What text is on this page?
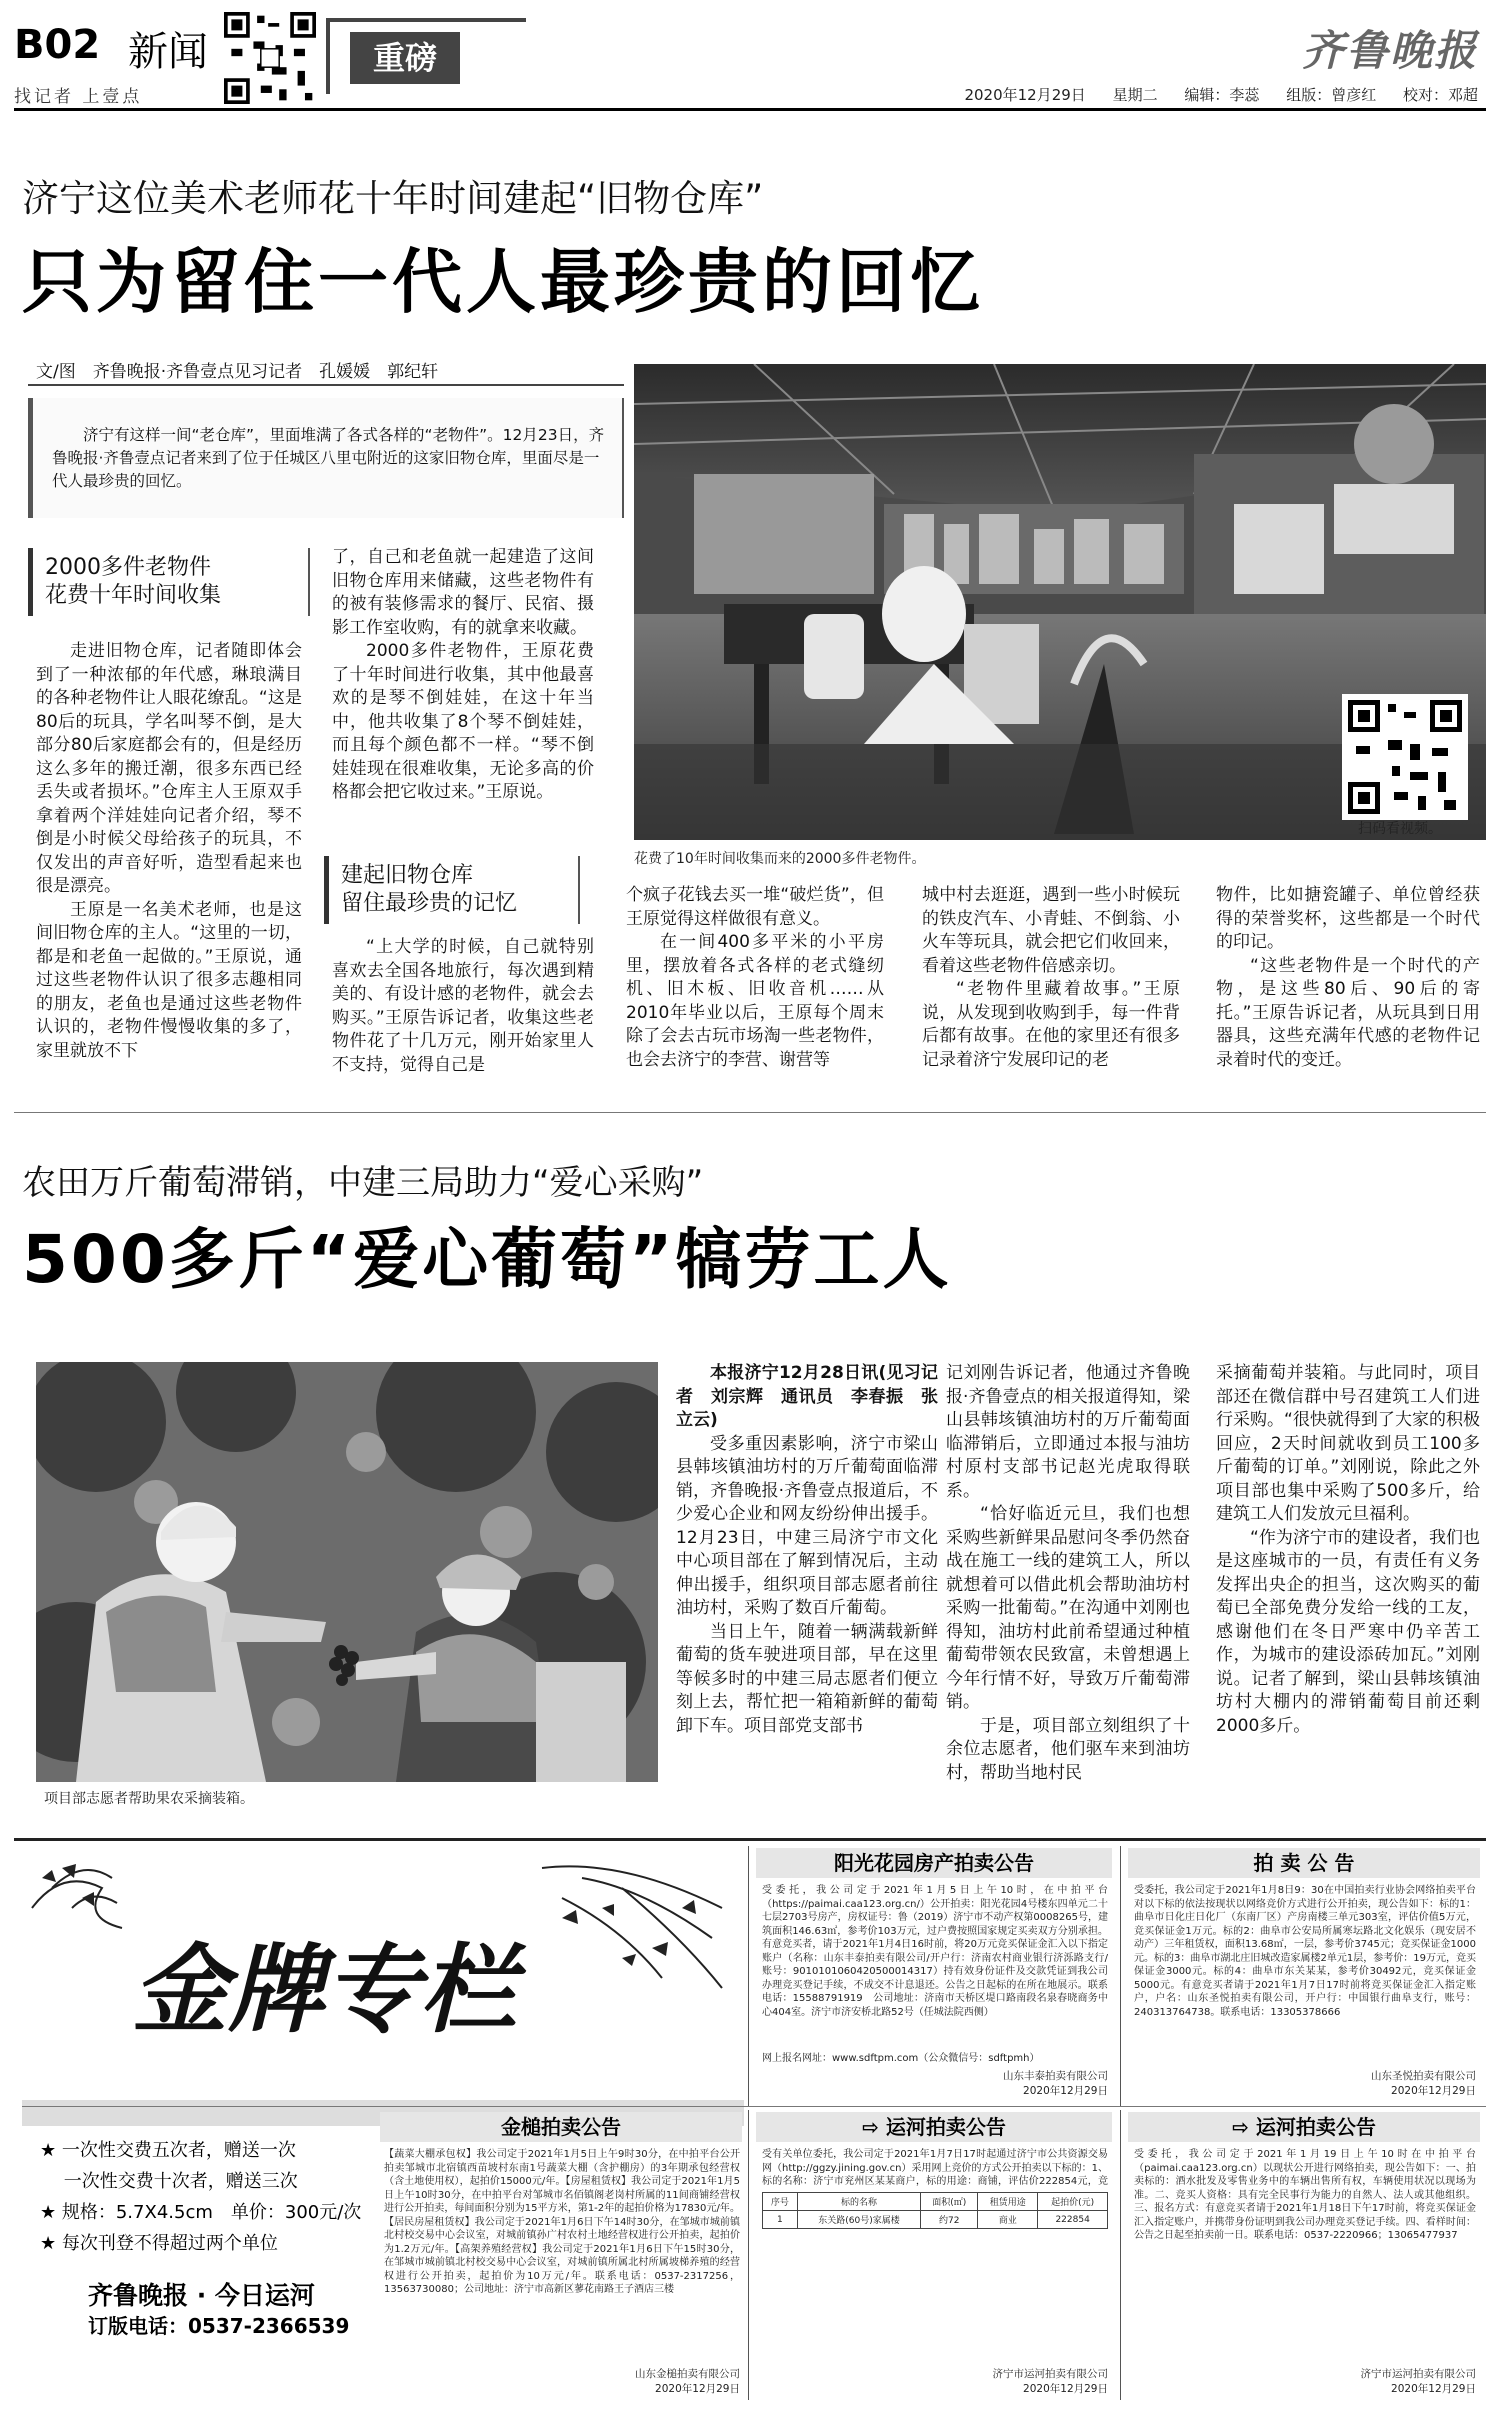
B02 新闻
找记者 上壹点
重磅	齐鲁晚报
2020年12月29日 星期二 编辑：李蕊 组版：曾彦红 校对：邓超
济宁这位美术老师花十年时间建起“旧物仓库”
只为留住一代人最珍贵的回忆
文/图　齐鲁晚报·齐鲁壹点见习记者　孔媛媛　郭纪轩
济宁有这样一间“老仓库”，里面堆满了各式各样的“老物件”。12月23日，齐鲁晚报·齐鲁壹点记者来到了位于任城区八里屯附近的这家旧物仓库，里面尽是一代人最珍贵的回忆。
2000多件老物件
花费十年时间收集

走进旧物仓库，记者随即体会到了一种浓郁的年代感，琳琅满目的各种老物件让人眼花缭乱。“这是80后的玩具，学名叫琴不倒，是大部分80后家庭都会有的，但是经历这么多年的搬迁潮，很多东西已经丢失或者损坏。”仓库主人王原双手拿着两个洋娃娃向记者介绍，琴不倒是小时候父母给孩子的玩具，不仅发出的声音好听，造型看起来也很是漂亮。

王原是一名美术老师，也是这间旧物仓库的主人。“这里的一切，都是和老鱼一起做的。”王原说，通过这些老物件认识了很多志趣相同的朋友，老鱼也是通过这些老物件认识的，老物件慢慢收集的多了，家里就放不下

了，自己和老鱼就一起建造了这间旧物仓库用来储藏，这些老物件有的被有装修需求的餐厅、民宿、摄影工作室收购，有的就拿来收藏。

2000多件老物件，王原花费了十年时间进行收集，其中他最喜欢的是琴不倒娃娃，在这十年当中，他共收集了8个琴不倒娃娃，而且每个颜色都不一样。“琴不倒娃娃现在很难收集，无论多高的价格都会把它收过来。”王原说。

建起旧物仓库
留住最珍贵的记忆

“上大学的时候，自己就特别喜欢去全国各地旅行，每次遇到精美的、有设计感的老物件，就会去购买。”王原告诉记者，收集这些老物件花了十几万元，刚开始家里人不支持，觉得自己是

花费了10年时间收集而来的2000多件老物件。
扫码看视频。

个疯子花钱去买一堆“破烂货”，但王原觉得这样做很有意义。

在一间400多平米的小平房里，摆放着各式各样的老式缝纫机、旧木板、旧收音机……从2010年毕业以后，王原每个周末除了会去古玩市场淘一些老物件，也会去济宁的李营、谢营等

城中村去逛逛，遇到一些小时候玩的铁皮汽车、小青蛙、不倒翁、小火车等玩具，就会把它们收回来，看着这些老物件倍感亲切。

“老物件里藏着故事。”王原说，从发现到收购到手，每一件背后都有故事。在他的家里还有很多记录着济宁发展印记的老

物件，比如搪瓷罐子、单位曾经获得的荣誉奖杯，这些都是一个时代的印记。

“这些老物件是一个时代的产物，是这些80后、90后的寄托。”王原告诉记者，从玩具到日用器具，这些充满年代感的老物件记录着时代的变迁。

农田万斤葡萄滞销，中建三局助力“爱心采购”
500多斤“爱心葡萄”犒劳工人
项目部志愿者帮助果农采摘装箱。

本报济宁12月28日讯(见习记者　刘宗辉　通讯员　李春振　张立云)

受多重因素影响，济宁市梁山县韩垓镇油坊村的万斤葡萄面临滞销，齐鲁晚报·齐鲁壹点报道后，不少爱心企业和网友纷纷伸出援手。12月23日，中建三局济宁市文化中心项目部在了解到情况后，主动伸出援手，组织项目部志愿者前往油坊村，采购了数百斤葡萄。

当日上午，随着一辆满载新鲜葡萄的货车驶进项目部，早在这里等候多时的中建三局志愿者们便立刻上去，帮忙把一箱箱新鲜的葡萄卸下车。项目部党支部书

记刘刚告诉记者，他通过齐鲁晚报·齐鲁壹点的相关报道得知，梁山县韩垓镇油坊村的万斤葡萄面临滞销后，立即通过本报与油坊村原村支部书记赵光虎取得联系。

“恰好临近元旦，我们也想采购些新鲜果品慰问冬季仍然奋战在施工一线的建筑工人，所以就想着可以借此机会帮助油坊村采购一批葡萄。”在沟通中刘刚也得知，油坊村此前希望通过种植葡萄带领农民致富，未曾想遇上今年行情不好，导致万斤葡萄滞销。

于是，项目部立刻组织了十余位志愿者，他们驱车来到油坊村，帮助当地村民

采摘葡萄并装箱。与此同时，项目部还在微信群中号召建筑工人们进行采购。“很快就得到了大家的积极回应，2天时间就收到员工100多斤葡萄的订单。”刘刚说，除此之外项目部也集中采购了500多斤，给建筑工人们发放元旦福利。

“作为济宁市的建设者，我们也是这座城市的一员，有责任有义务发挥出央企的担当，这次购买的葡萄已全部免费分发给一线的工友，感谢他们在冬日严寒中仍辛苦工作，为城市的建设添砖加瓦。”刘刚说。记者了解到，梁山县韩垓镇油坊村大棚内的滞销葡萄目前还剩2000多斤。

金牌专栏
★ 一次性交费五次者，赠送一次
　 一次性交费十次者，赠送三次
★ 规格：5.7X4.5cm　单价：300元/次
★ 每次刊登不得超过两个单位
齐鲁晚报 · 今日运河
订版电话：0537-2366539
阳光花园房产拍卖公告
受委托，我公司定于2021年1月5日上午10时，在中拍平台（https://paimai.caa123.org.cn/）公开拍卖：阳光花园4号楼东四单元二十七层2703号房产，房权证号：鲁（2019）济宁市不动产权第0008265号，建筑面积146.63㎡，参考价103万元，过户费按照国家规定买卖双方分别承担。有意竞买者，请于2021年1月4日16时前，将20万元竞买保证金汇入以下指定账户（名称：山东丰泰拍卖有限公司/开户行：济南农村商业银行济泺路支行/账号：9010101060420500014317）持有效身份证件及交款凭证到我公司办理竞买登记手续，不成交不计息退还。公告之日起标的在所在地展示。联系电话：15588791919　公司地址：济南市天桥区堤口路南段名泉春晓商务中心404室。济宁市济安桥北路52号（任城法院西侧）
网上报名网址：www.sdftpm.com（公众微信号：sdftpmh）
山东丰泰拍卖有限公司
2020年12月29日
拍 卖 公 告
受委托，我公司定于2021年1月8日9：30在中国拍卖行业协会网络拍卖平台对以下标的依法按现状以网络竞价方式进行公开拍卖，现公告如下：标的1：曲阜市日化庄日化厂（东南厂区）产房南楼三单元303室，评估价值5万元，竞买保证金1万元。标的2：曲阜市公安局所属寒坛路北文化娱乐（现安居不动产）三年租赁权，面积13.68㎡，一层，参考价3745元；竞买保证金1000元。标的3：曲阜市湖北庄旧城改造家属楼2单元1层，参考价：19万元，竞买保证金3000元。标的4：曲阜市东关某某，参考价30492元，竞买保证金5000元。有意竞买者请于2021年1月7日17时前将竞买保证金汇入指定账户，户名：山东圣悦拍卖有限公司，开户行：中国银行曲阜支行，账号：240313764738。联系电话：13305378666
山东圣悦拍卖有限公司
2020年12月29日
金槌拍卖公告
【蔬菜大棚承包权】我公司定于2021年1月5日上午9时30分，在中拍平台公开拍卖邹城市北宿镇西苗坡村东南1号蔬菜大棚（含护棚房）的3年期承包经营权（含土地使用权），起拍价15000元/年。【房屋租赁权】我公司定于2021年1月5日上午10时30分，在中拍平台对邹城市名佰镇阁老岗村所属的11间商铺经营权进行公开拍卖，每间面积分别为15平方米，第1-2年的起拍价格为17830元/年。【居民房屋租赁权】我公司定于2021年1月6日下午14时30分，在邹城市城前镇北村校交易中心会议室，对城前镇孙广村农村土地经营权进行公开拍卖，起拍价为1.2万元/年。【高架养殖经营权】我公司定于2021年1月6日下午15时30分，在邹城市城前镇北村校交易中心会议室，对城前镇所属北村所属坡梯养殖的经营权进行公开拍卖，起拍价为10万元/年。联系电话：0537-2317256，13563730080；公司地址：济宁市高新区蓼花南路王子酒店三楼
山东金槌拍卖有限公司
2020年12月29日
⇨ 运河拍卖公告
受有关单位委托，我公司定于2021年1月7日17时起通过济宁市公共资源交易网（http://ggzy.jining.gov.cn）采用网上竞价的方式公开拍卖以下标的：1、标的名称：济宁市兖州区某某商户，标的用途：商铺，评估价222854元，竞
序号	标的名称	面积(㎡)	租赁用途	起拍价(元)
1	东关路(60号)家属楼	约72	商业	222854
济宁市运河拍卖有限公司
2020年12月29日
⇨ 运河拍卖公告
受委托，我公司定于2021年1月19日上午10时在中拍平台（paimai.caa123.org.cn）以现状公开进行网络拍卖，现公告如下：一、拍卖标的：酒水批发及零售业务中的车辆出售所有权，车辆使用状况以现场为准。二、竞买人资格：具有完全民事行为能力的自然人、法人或其他组织。三、报名方式：有意竞买者请于2021年1月18日下午17时前，将竞买保证金汇入指定账户，并携带身份证明到我公司办理竞买登记手续。四、看样时间：公告之日起至拍卖前一日。联系电话：0537-2220966；13065477937
济宁市运河拍卖有限公司
2020年12月29日
